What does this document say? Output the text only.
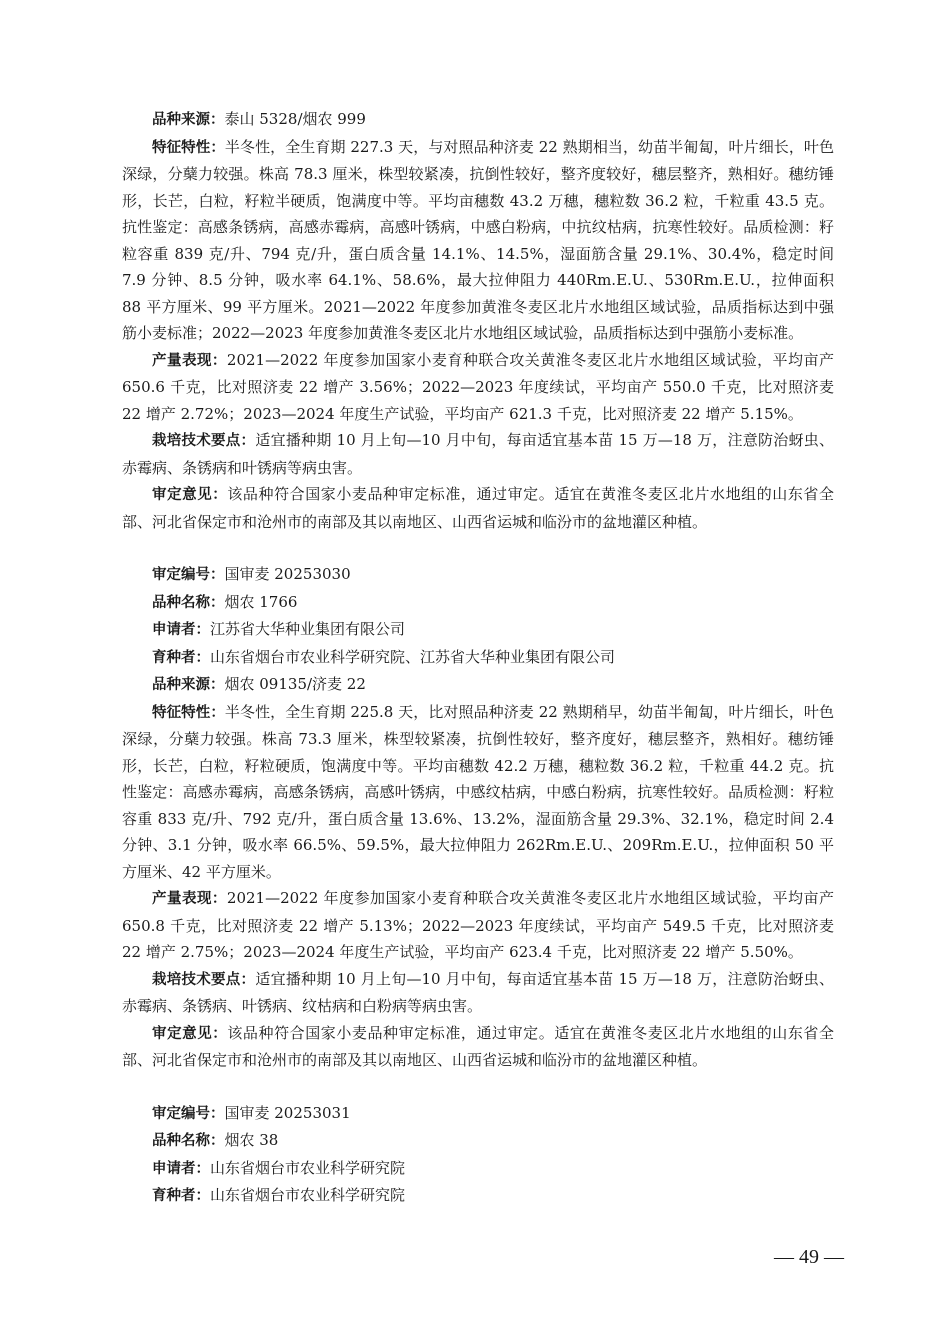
品种来源：泰山 5328/烟农 999

特征特性：半冬性，全生育期 227.3 天，与对照品种济麦 22 熟期相当，幼苗半匍匐，叶片细长，叶色深绿，分蘖力较强。株高 78.3 厘米，株型较紧凑，抗倒性较好，整齐度较好，穗层整齐，熟相好。穗纺锤形，长芒，白粒，籽粒半硬质，饱满度中等。平均亩穗数 43.2 万穗，穗粒数 36.2 粒，千粒重 43.5 克。抗性鉴定：高感条锈病，高感赤霉病，高感叶锈病，中感白粉病，中抗纹枯病，抗寒性较好。品质检测：籽粒容重 839 克/升、794 克/升，蛋白质含量 14.1%、14.5%，湿面筋含量 29.1%、30.4%，稳定时间 7.9 分钟、8.5 分钟，吸水率 64.1%、58.6%，最大拉伸阻力 440Rm.E.U.、530Rm.E.U.，拉伸面积 88 平方厘米、99 平方厘米。2021—2022 年度参加黄淮冬麦区北片水地组区域试验，品质指标达到中强筋小麦标准；2022—2023 年度参加黄淮冬麦区北片水地组区域试验，品质指标达到中强筋小麦标准。

产量表现：2021—2022 年度参加国家小麦育种联合攻关黄淮冬麦区北片水地组区域试验，平均亩产 650.6 千克，比对照济麦 22 增产 3.56%；2022—2023 年度续试，平均亩产 550.0 千克，比对照济麦 22 增产 2.72%；2023—2024 年度生产试验，平均亩产 621.3 千克，比对照济麦 22 增产 5.15%。

栽培技术要点：适宜播种期 10 月上旬—10 月中旬，每亩适宜基本苗 15 万—18 万，注意防治蚜虫、赤霉病、条锈病和叶锈病等病虫害。

审定意见：该品种符合国家小麦品种审定标准，通过审定。适宜在黄淮冬麦区北片水地组的山东省全部、河北省保定市和沧州市的南部及其以南地区、山西省运城和临汾市的盆地灌区种植。

审定编号：国审麦 20253030

品种名称：烟农 1766

申请者：江苏省大华种业集团有限公司

育种者：山东省烟台市农业科学研究院、江苏省大华种业集团有限公司

品种来源：烟农 09135/济麦 22

特征特性：半冬性，全生育期 225.8 天，比对照品种济麦 22 熟期稍早，幼苗半匍匐，叶片细长，叶色深绿，分蘖力较强。株高 73.3 厘米，株型较紧凑，抗倒性较好，整齐度好，穗层整齐，熟相好。穗纺锤形，长芒，白粒，籽粒硬质，饱满度中等。平均亩穗数 42.2 万穗，穗粒数 36.2 粒，千粒重 44.2 克。抗性鉴定：高感赤霉病，高感条锈病，高感叶锈病，中感纹枯病，中感白粉病，抗寒性较好。品质检测：籽粒容重 833 克/升、792 克/升，蛋白质含量 13.6%、13.2%，湿面筋含量 29.3%、32.1%，稳定时间 2.4 分钟、3.1 分钟，吸水率 66.5%、59.5%，最大拉伸阻力 262Rm.E.U.、209Rm.E.U.，拉伸面积 50 平方厘米、42 平方厘米。

产量表现：2021—2022 年度参加国家小麦育种联合攻关黄淮冬麦区北片水地组区域试验，平均亩产 650.8 千克，比对照济麦 22 增产 5.13%；2022—2023 年度续试，平均亩产 549.5 千克，比对照济麦 22 增产 2.75%；2023—2024 年度生产试验，平均亩产 623.4 千克，比对照济麦 22 增产 5.50%。

栽培技术要点：适宜播种期 10 月上旬—10 月中旬，每亩适宜基本苗 15 万—18 万，注意防治蚜虫、赤霉病、条锈病、叶锈病、纹枯病和白粉病等病虫害。

审定意见：该品种符合国家小麦品种审定标准，通过审定。适宜在黄淮冬麦区北片水地组的山东省全部、河北省保定市和沧州市的南部及其以南地区、山西省运城和临汾市的盆地灌区种植。

审定编号：国审麦 20253031

品种名称：烟农 38

申请者：山东省烟台市农业科学研究院

育种者：山东省烟台市农业科学研究院

— 49 —
